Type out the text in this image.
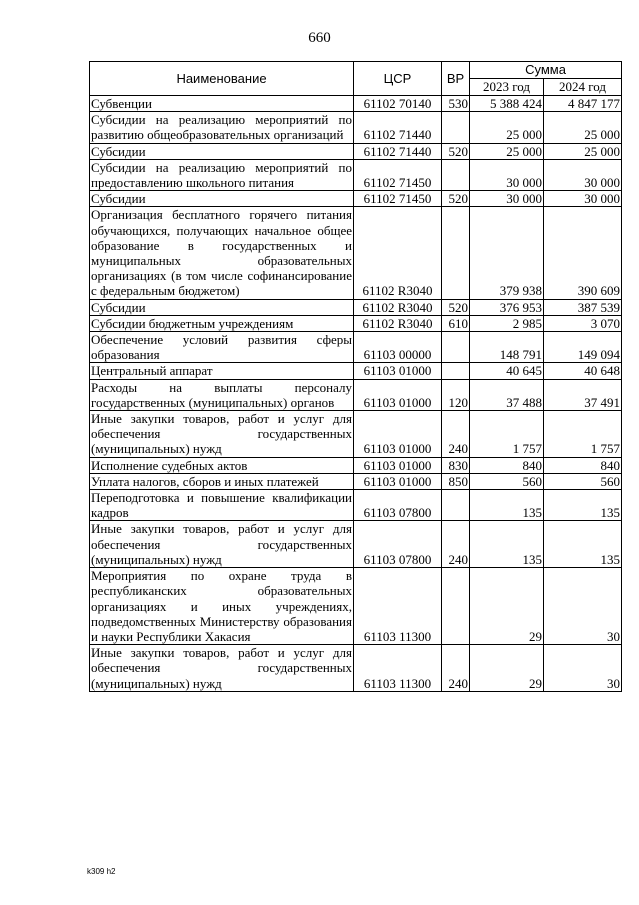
660
Наименование	ЦСР	ВР	Сумма	
			2023 год	2024 год
Субвенции	61102 70140	530	5 388 424	4 847 177
Субсидии на реализацию мероприятий по развитию общеобразовательных организаций	61102 71440		25 000	25 000
Субсидии	61102 71440	520	25 000	25 000
Субсидии на реализацию мероприятий по предоставлению школьного питания	61102 71450		30 000	30 000
Субсидии	61102 71450	520	30 000	30 000
Организация бесплатного горячего питания обучающихся, получающих начальное общее образование в государственных и муниципальных образовательных организациях (в том числе софинансирование с федеральным бюджетом)	61102 R3040		379 938	390 609
Субсидии	61102 R3040	520	376 953	387 539
Субсидии бюджетным учреждениям	61102 R3040	610	2 985	3 070
Обеспечение условий развития сферы образования	61103 00000		148 791	149 094
Центральный аппарат	61103 01000		40 645	40 648
Расходы на выплаты персоналу государственных (муниципальных) органов	61103 01000	120	37 488	37 491
Иные закупки товаров, работ и услуг для обеспечения государственных (муниципальных) нужд	61103 01000	240	1 757	1 757
Исполнение судебных актов	61103 01000	830	840	840
Уплата налогов, сборов и иных платежей	61103 01000	850	560	560
Переподготовка и повышение квалификации кадров	61103 07800		135	135
Иные закупки товаров, работ и услуг для обеспечения государственных (муниципальных) нужд	61103 07800	240	135	135
Мероприятия по охране труда в республиканских образовательных организациях и иных учреждениях, подведомственных Министерству образования и науки Республики Хакасия	61103 11300		29	30
Иные закупки товаров, работ и услуг для обеспечения государственных (муниципальных) нужд	61103 11300	240	29	30
k309 h2
